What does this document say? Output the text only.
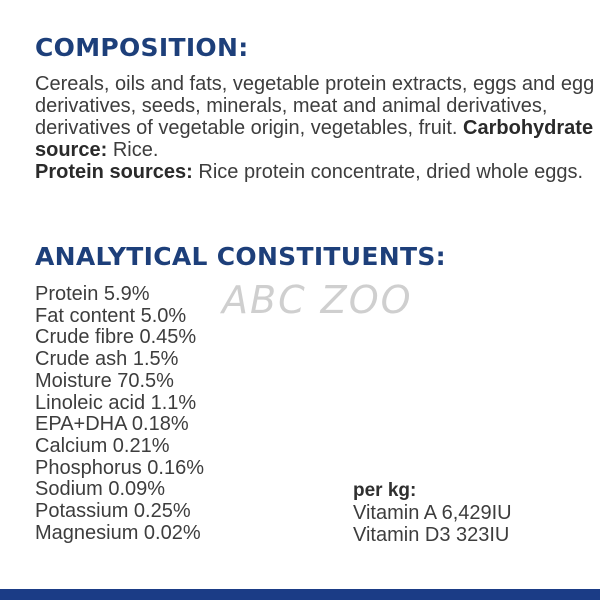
COMPOSITION:

Cereals, oils and fats, vegetable protein extracts, eggs and egg derivatives, seeds, minerals, meat and animal derivatives, derivatives of vegetable origin, vegetables, fruit. Carbohydrate source: Rice.
Protein sources: Rice protein concentrate, dried whole eggs.

ANALYTICAL CONSTITUENTS:
ABC ZOO
Protein 5.9%
Fat content 5.0%
Crude fibre 0.45%
Crude ash 1.5%
Moisture 70.5%
Linoleic acid 1.1%
EPA+DHA 0.18%
Calcium 0.21%
Phosphorus 0.16%
Sodium 0.09%
Potassium 0.25%
Magnesium 0.02%
per kg:
Vitamin A 6,429IU
Vitamin D3 323IU
